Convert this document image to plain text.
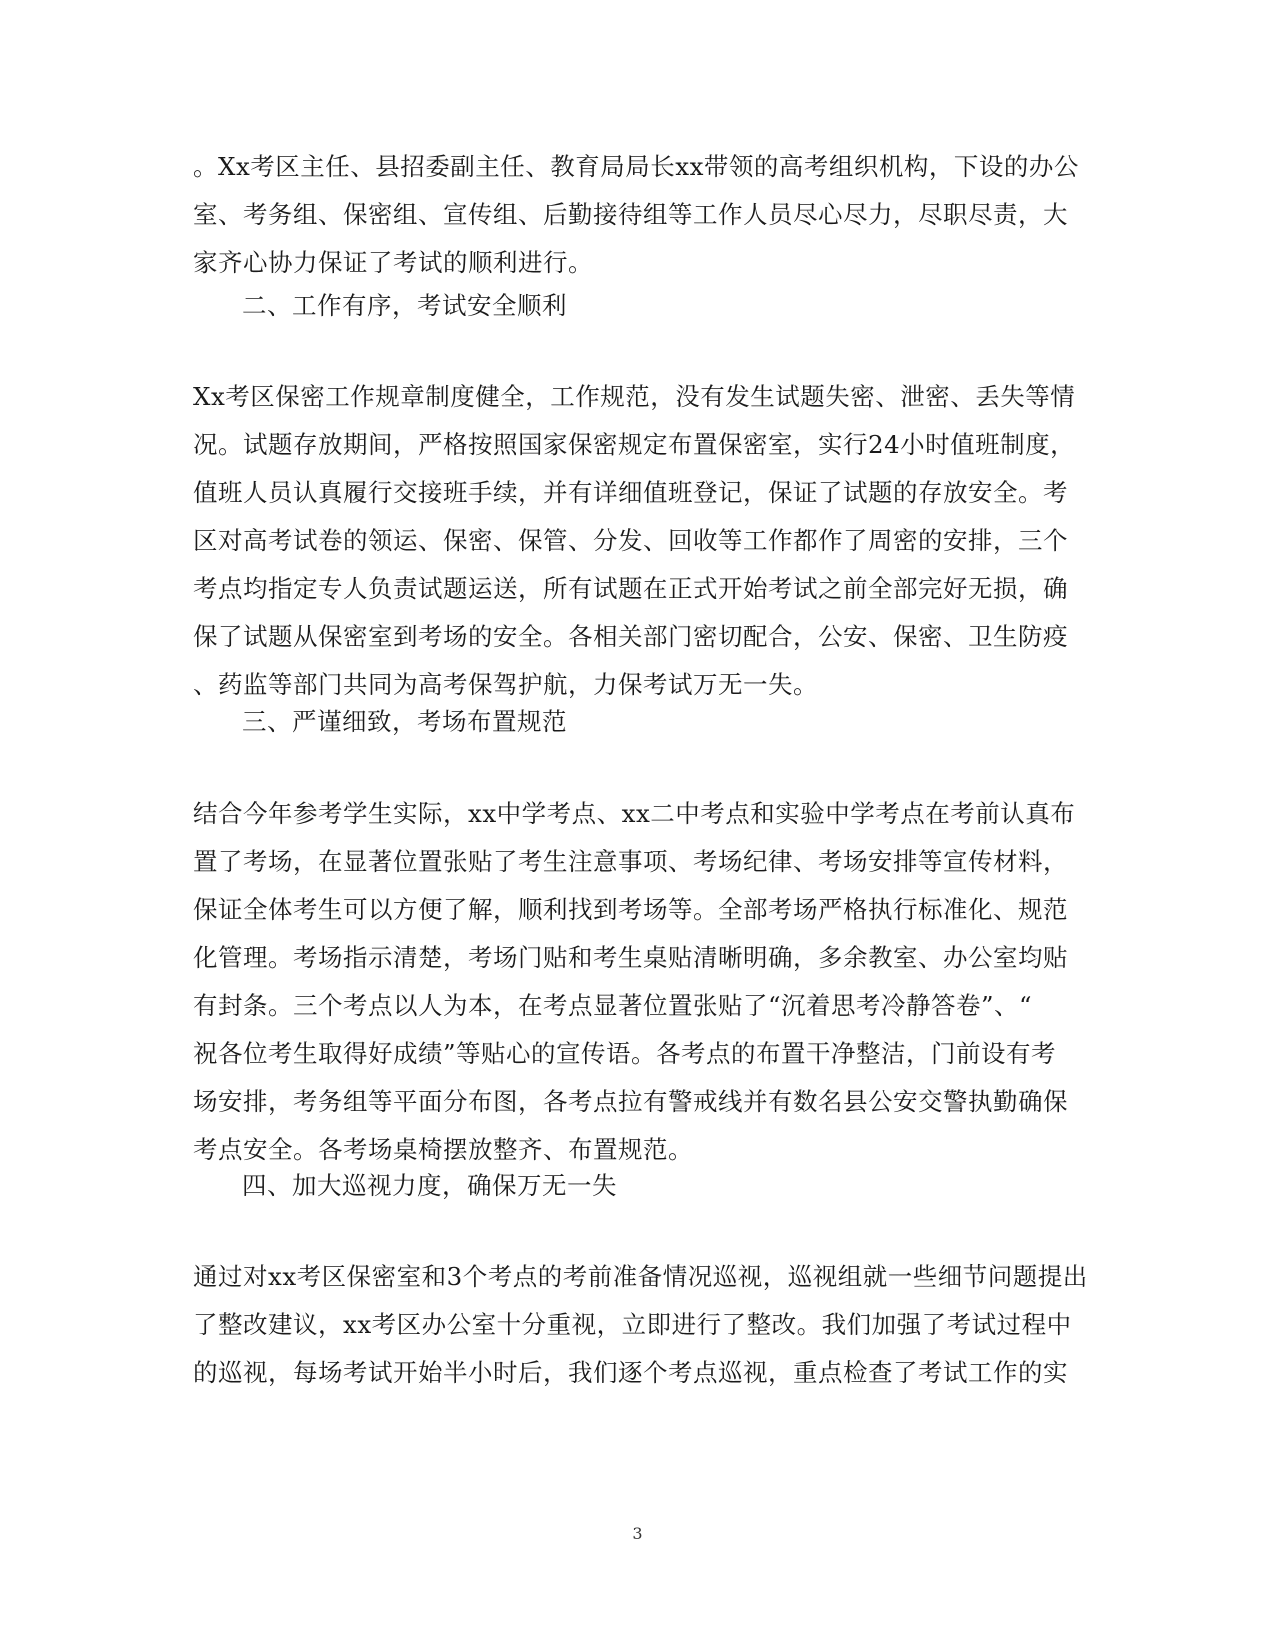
。Xx考区主任、县招委副主任、教育局局长xx带领的高考组织机构，下设的办公
室、考务组、保密组、宣传组、后勤接待组等工作人员尽心尽力，尽职尽责，大
家齐心协力保证了考试的顺利进行。
二、工作有序，考试安全顺利
Xx考区保密工作规章制度健全，工作规范，没有发生试题失密、泄密、丢失等情
况。试题存放期间，严格按照国家保密规定布置保密室，实行24小时值班制度，
值班人员认真履行交接班手续，并有详细值班登记，保证了试题的存放安全。考
区对高考试卷的领运、保密、保管、分发、回收等工作都作了周密的安排，三个
考点均指定专人负责试题运送，所有试题在正式开始考试之前全部完好无损，确
保了试题从保密室到考场的安全。各相关部门密切配合，公安、保密、卫生防疫
、药监等部门共同为高考保驾护航，力保考试万无一失。
三、严谨细致，考场布置规范
结合今年参考学生实际，xx中学考点、xx二中考点和实验中学考点在考前认真布
置了考场，在显著位置张贴了考生注意事项、考场纪律、考场安排等宣传材料，
保证全体考生可以方便了解，顺利找到考场等。全部考场严格执行标准化、规范
化管理。考场指示清楚，考场门贴和考生桌贴清晰明确，多余教室、办公室均贴
有封条。三个考点以人为本，在考点显著位置张贴了“沉着思考冷静答卷”、“
祝各位考生取得好成绩”等贴心的宣传语。各考点的布置干净整洁，门前设有考
场安排，考务组等平面分布图，各考点拉有警戒线并有数名县公安交警执勤确保
考点安全。各考场桌椅摆放整齐、布置规范。
四、加大巡视力度，确保万无一失
通过对xx考区保密室和3个考点的考前准备情况巡视，巡视组就一些细节问题提出
了整改建议，xx考区办公室十分重视，立即进行了整改。我们加强了考试过程中
的巡视，每场考试开始半小时后，我们逐个考点巡视，重点检查了考试工作的实
3
